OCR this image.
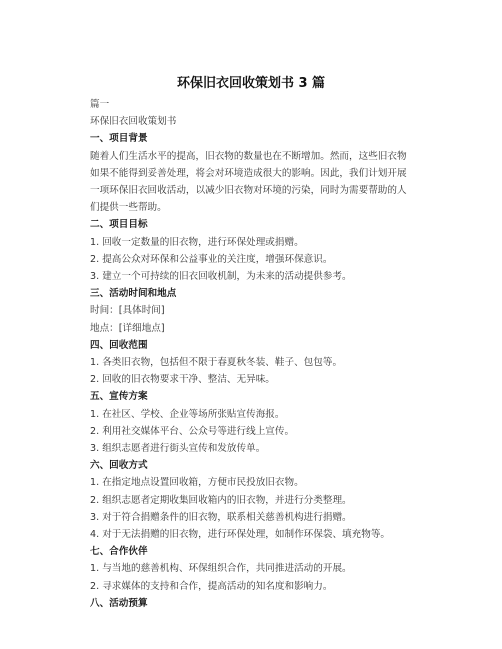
环保旧衣回收策划书 3 篇
篇一
环保旧衣回收策划书
一、项目背景
随着人们生活水平的提高，旧衣物的数量也在不断增加。然而，这些旧衣物如果不能得到妥善处理，将会对环境造成很大的影响。因此，我们计划开展一项环保旧衣回收活动，以减少旧衣物对环境的污染，同时为需要帮助的人们提供一些帮助。
二、项目目标
1. 回收一定数量的旧衣物，进行环保处理或捐赠。
2. 提高公众对环保和公益事业的关注度，增强环保意识。
3. 建立一个可持续的旧衣回收机制，为未来的活动提供参考。
三、活动时间和地点
时间：[具体时间]
地点：[详细地点]
四、回收范围
1. 各类旧衣物，包括但不限于春夏秋冬装、鞋子、包包等。
2. 回收的旧衣物要求干净、整洁、无异味。
五、宣传方案
1. 在社区、学校、企业等场所张贴宣传海报。
2. 利用社交媒体平台、公众号等进行线上宣传。
3. 组织志愿者进行街头宣传和发放传单。
六、回收方式
1. 在指定地点设置回收箱，方便市民投放旧衣物。
2. 组织志愿者定期收集回收箱内的旧衣物，并进行分类整理。
3. 对于符合捐赠条件的旧衣物，联系相关慈善机构进行捐赠。
4. 对于无法捐赠的旧衣物，进行环保处理，如制作环保袋、填充物等。
七、合作伙伴
1. 与当地的慈善机构、环保组织合作，共同推进活动的开展。
2. 寻求媒体的支持和合作，提高活动的知名度和影响力。
八、活动预算
